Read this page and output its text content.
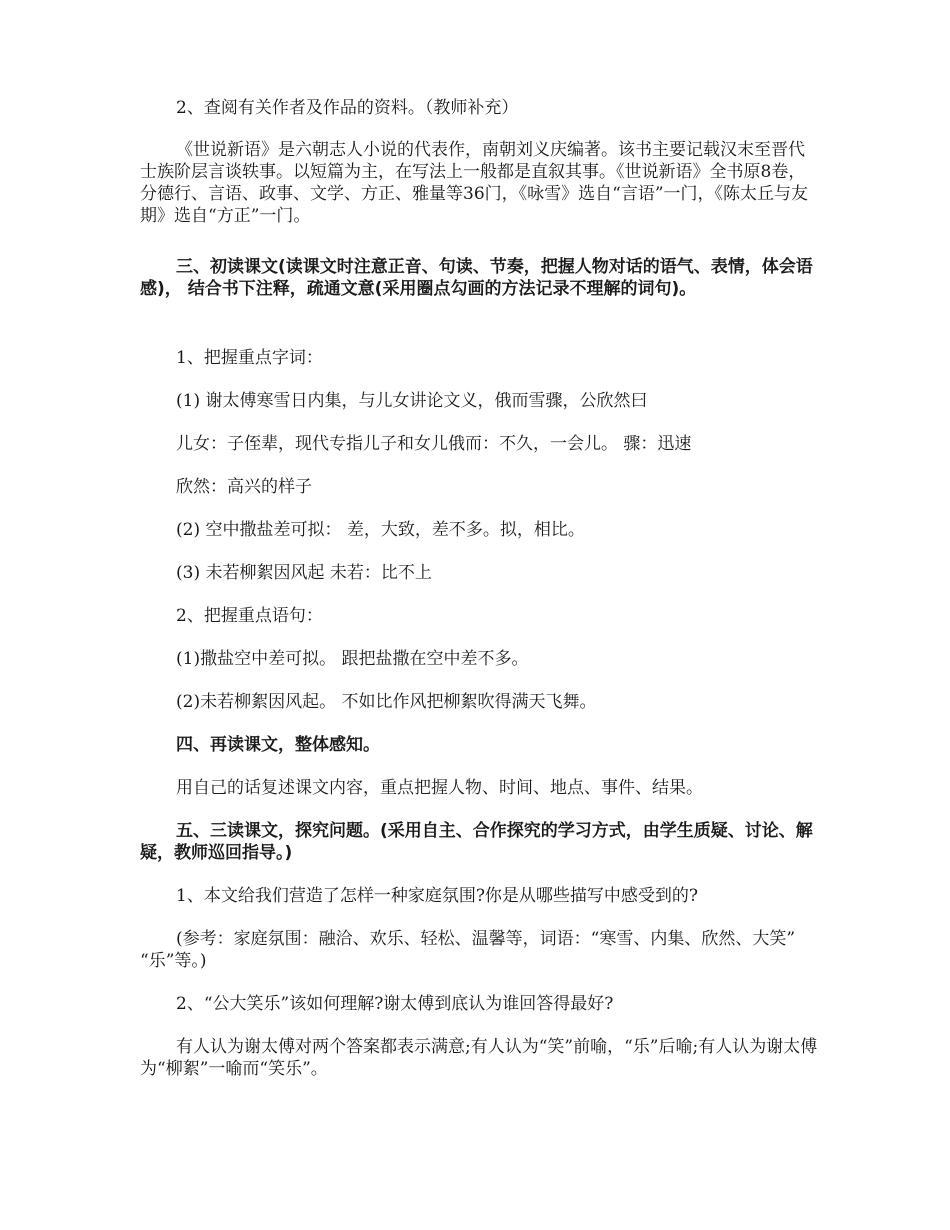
2、查阅有关作者及作品的资料。（教师补充）

《世说新语》是六朝志人小说的代表作，南朝刘义庆编著。该书主要记载汉末至晋代士族阶层言谈轶事。以短篇为主，在写法上一般都是直叙其事。《世说新语》全书原8卷，分德行、言语、政事、文学、方正、雅量等36门，《咏雪》选自“言语”一门，《陈太丘与友期》选自“方正”一门。

三、初读课文(读课文时注意正音、句读、节奏，把握人物对话的语气、表情，体会语感)， 结合书下注释，疏通文意(采用圈点勾画的方法记录不理解的词句)。

1、把握重点字词：

(1) 谢太傅寒雪日内集，与儿女讲论文义，俄而雪骤，公欣然曰

儿女：子侄辈，现代专指儿子和女儿俄而：不久，一会儿。 骤：迅速

欣然：高兴的样子

(2) 空中撒盐差可拟： 差，大致，差不多。拟，相比。

(3) 未若柳絮因风起 未若：比不上

2、把握重点语句：

(1)撒盐空中差可拟。 跟把盐撒在空中差不多。

(2)未若柳絮因风起。 不如比作风把柳絮吹得满天飞舞。

四、再读课文，整体感知。

用自己的话复述课文内容，重点把握人物、时间、地点、事件、结果。

五、三读课文，探究问题。(采用自主、合作探究的学习方式，由学生质疑、讨论、解疑，教师巡回指导。)

1、本文给我们营造了怎样一种家庭氛围?你是从哪些描写中感受到的?

(参考：家庭氛围：融洽、欢乐、轻松、温馨等，词语：“寒雪、内集、欣然、大笑” “乐”等。)

2、“公大笑乐”该如何理解?谢太傅到底认为谁回答得最好?

有人认为谢太傅对两个答案都表示满意;有人认为“笑”前喻，“乐”后喻;有人认为谢太傅为“柳絮”一喻而“笑乐”。
